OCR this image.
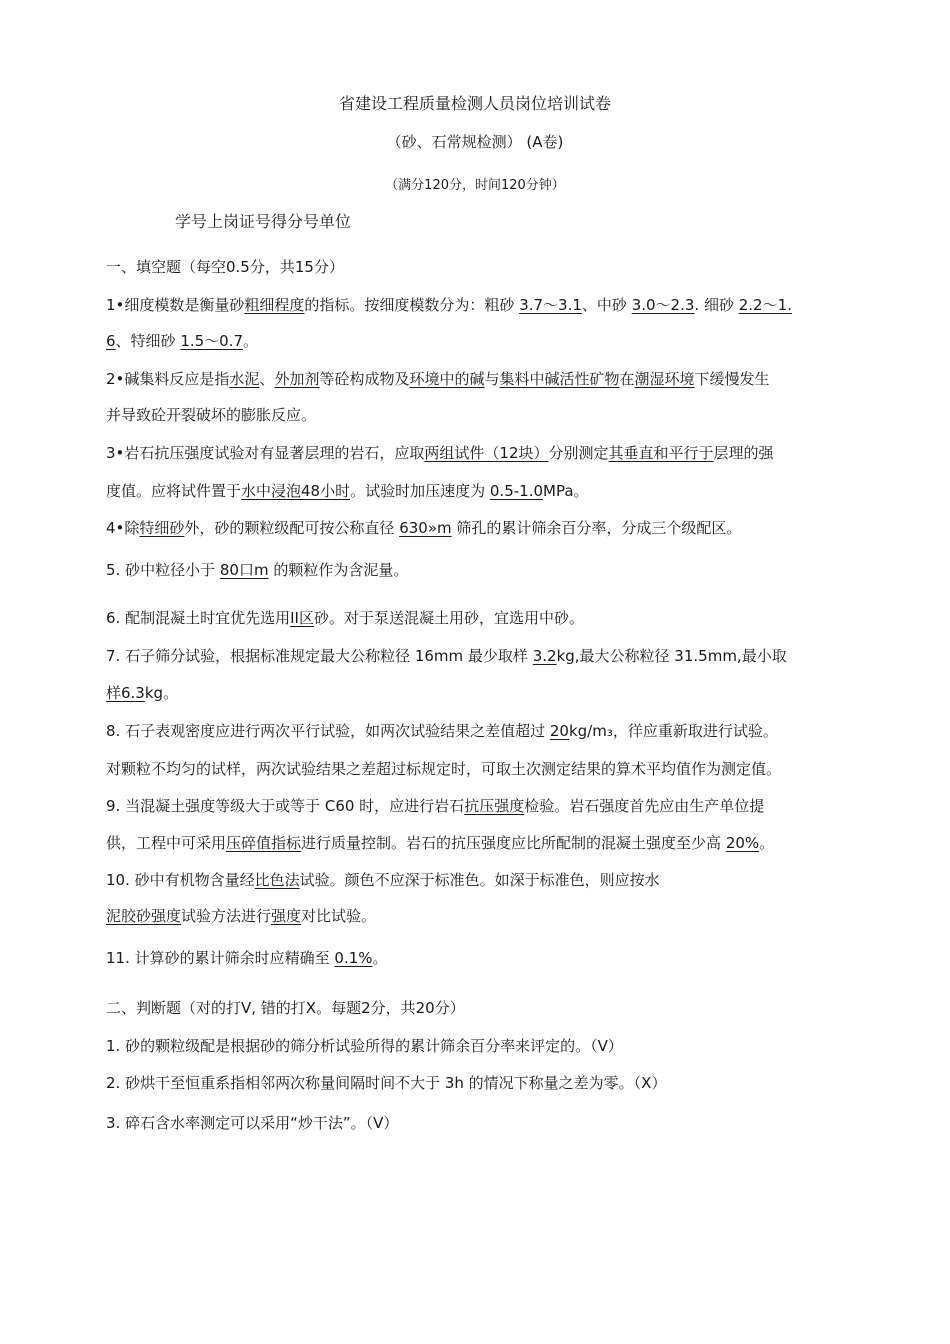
省建设工程质量检测人员岗位培训试卷
（砂、石常规检测） (A卷)
（满分120分，时间120分钟）
学号上岗证号得分号单位
一、填空题（每空0.5分，共15分）
1•细度模数是衡量砂粗细程度的指标。按细度模数分为：粗砂 3.7～3.1、中砂 3.0～2.3. 细砂 2.2～1.
6、特细砂 1.5～0.7。
2•碱集料反应是指水泥、外加剂等砼构成物及环境中的碱与集料中碱活性矿物在潮湿环境下缓慢发生
并导致砼开裂破坏的膨胀反应。
3•岩石抗压强度试验对有显著层理的岩石，应取两组试件（12块）分别测定其垂直和平行于层理的强
度值。应将试件置于水中浸泡48小时。试验时加压速度为 0.5-1.0MPa。
4•除特细砂外，砂的颗粒级配可按公称直径 630»m 筛孔的累计筛余百分率，分成三个级配区。
5. 砂中粒径小于 80口m 的颗粒作为含泥量。
6. 配制混凝土时宜优先选用II区砂。对于泵送混凝土用砂，宜选用中砂。
7. 石子筛分试验，根据标准规定最大公称粒径 16mm 最少取样 3.2kg,最大公称粒径 31.5mm,最小取
样6.3kg。
8. 石子表观密度应进行两次平行试验，如两次试验结果之差值超过 20kg/m₃，徉应重新取进行试验。
对颗粒不均匀的试样，两次试验结果之差超过标规定时，可取土次测定结果的算术平均值作为测定值。
9. 当混凝土强度等级大于或等于 C60 时，应进行岩石抗压强度检验。岩石强度首先应由生产单位提
供，工程中可采用压碎值指标进行质量控制。岩石的抗压强度应比所配制的混凝土强度至少高 20%。
10. 砂中有机物含量经比色法试验。颜色不应深于标准色。如深于标准色，则应按水
泥胶砂强度试验方法进行强度对比试验。
11. 计算砂的累计筛余时应精确至 0.1%。
二、判断题（对的打V, 错的打X。每题2分，共20分）
1. 砂的颗粒级配是根据砂的筛分析试验所得的累计筛余百分率来评定的。（V）
2. 砂烘干至恒重系指相邻两次称量间隔时间不大于 3h 的情况下称量之差为零。（X）
3. 碎石含水率测定可以采用“炒干法”。（V）
